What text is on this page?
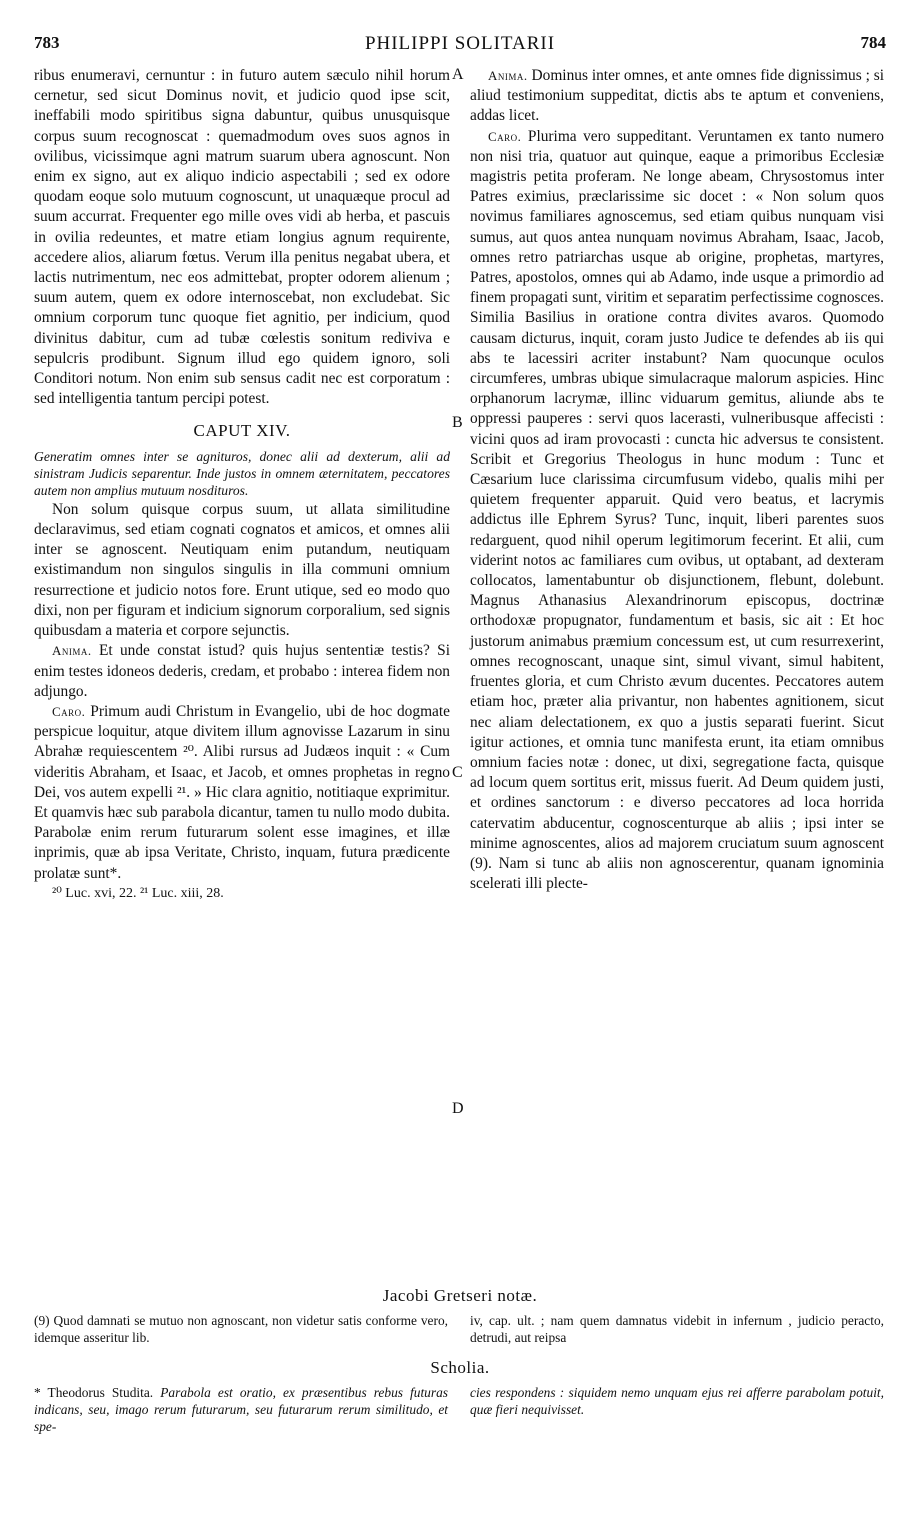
783	PHILIPPI SOLITARII	784
A
B
C
D

ribus enumeravi, cernuntur : in futuro autem sæculo nihil horum cernetur, sed sicut Dominus novit, et judicio quod ipse scit, ineffabili modo spiritibus signa dabuntur, quibus unusquisque corpus suum recognoscat : quemadmodum oves suos agnos in ovilibus, vicissimque agni matrum suarum ubera agnoscunt. Non enim ex signo, aut ex aliquo indicio aspectabili ; sed ex odore quodam eoque solo mutuum cognoscunt, ut unaquæque procul ad suum accurrat. Frequenter ego mille oves vidi ab herba, et pascuis in ovilia redeuntes, et matre etiam longius agnum requirente, accedere alios, aliarum fœtus. Verum illa penitus negabat ubera, et lactis nutrimentum, nec eos admittebat, propter odorem alienum ; suum autem, quem ex odore internoscebat, non excludebat. Sic omnium corporum tunc quoque fiet agnitio, per indicium, quod divinitus dabitur, cum ad tubæ cœlestis sonitum rediviva e sepulcris prodibunt. Signum illud ego quidem ignoro, soli Conditori notum. Non enim sub sensus cadit nec est corporatum : sed intelligentia tantum percipi potest.

CAPUT XIV.

Generatim omnes inter se agnituros, donec alii ad dexterum, alii ad sinistram Judicis separentur. Inde justos in omnem æternitatem, peccatores autem non amplius mutuum nosdituros.

Non solum quisque corpus suum, ut allata similitudine declaravimus, sed etiam cognati cognatos et amicos, et omnes alii inter se agnoscent. Neutiquam enim putandum, neutiquam existimandum non singulos singulis in illa communi omnium resurrectione et judicio notos fore. Erunt utique, sed eo modo quo dixi, non per figuram et indicium signorum corporalium, sed signis quibusdam a materia et corpore sejunctis.

Anima. Et unde constat istud? quis hujus sententiæ testis? Si enim testes idoneos dederis, credam, et probabo : interea fidem non adjungo.

Caro. Primum audi Christum in Evangelio, ubi de hoc dogmate perspicue loquitur, atque divitem illum agnovisse Lazarum in sinu Abrahæ requiescentem ²⁰. Alibi rursus ad Judæos inquit : « Cum videritis Abraham, et Isaac, et Jacob, et omnes prophetas in regno Dei, vos autem expelli ²¹. » Hic clara agnitio, notitiaque exprimitur. Et quamvis hæc sub parabola dicantur, tamen tu nullo modo dubita. Parabolæ enim rerum futurarum solent esse imagines, et illæ inprimis, quæ ab ipsa Veritate, Christo, inquam, futura prædicente prolatæ sunt*.

²⁰ Luc. xvi, 22. ²¹ Luc. xiii, 28.

Anima. Dominus inter omnes, et ante omnes fide dignissimus ; si aliud testimonium suppeditat, dictis abs te aptum et conveniens, addas licet.

Caro. Plurima vero suppeditant. Veruntamen ex tanto numero non nisi tria, quatuor aut quinque, eaque a primoribus Ecclesiæ magistris petita proferam. Ne longe abeam, Chrysostomus inter Patres eximius, præclarissime sic docet : « Non solum quos novimus familiares agnoscemus, sed etiam quibus nunquam visi sumus, aut quos antea nunquam novimus Abraham, Isaac, Jacob, omnes retro patriarchas usque ab origine, prophetas, martyres, Patres, apostolos, omnes qui ab Adamo, inde usque a primordio ad finem propagati sunt, viritim et separatim perfectissime cognosces. Similia Basilius in oratione contra divites avaros. Quomodo causam dicturus, inquit, coram justo Judice te defendes ab iis qui abs te lacessiri acriter instabunt? Nam quocunque oculos circumferes, umbras ubique simulacraque malorum aspicies. Hinc orphanorum lacrymæ, illinc viduarum gemitus, aliunde abs te oppressi pauperes : servi quos lacerasti, vulneribusque affecisti : vicini quos ad iram provocasti : cuncta hic adversus te consistent. Scribit et Gregorius Theologus in hunc modum : Tunc et Cæsarium luce clarissima circumfusum videbo, qualis mihi per quietem frequenter apparuit. Quid vero beatus, et lacrymis addictus ille Ephrem Syrus? Tunc, inquit, liberi parentes suos redarguent, quod nihil operum legitimorum fecerint. Et alii, cum viderint notos ac familiares cum ovibus, ut optabant, ad dexteram collocatos, lamentabuntur ob disjunctionem, flebunt, dolebunt. Magnus Athanasius Alexandrinorum episcopus, doctrinæ orthodoxæ propugnator, fundamentum et basis, sic ait : Et hoc justorum animabus præmium concessum est, ut cum resurrexerint, omnes recognoscant, unaque sint, simul vivant, simul habitent, fruentes gloria, et cum Christo ævum ducentes. Peccatores autem etiam hoc, præter alia privantur, non habentes agnitionem, sicut nec aliam delectationem, ex quo a justis separati fuerint. Sicut igitur actiones, et omnia tunc manifesta erunt, ita etiam omnibus omnium facies notæ : donec, ut dixi, segregatione facta, quisque ad locum quem sortitus erit, missus fuerit. Ad Deum quidem justi, et ordines sanctorum : e diverso peccatores ad loca horrida catervatim abducentur, cognoscenturque ab aliis ; ipsi inter se minime agnoscentes, alios ad majorem cruciatum suum agnoscent (9). Nam si tunc ab aliis non agnoscerentur, quanam ignominia scelerati illi plecte-

Jacobi Gretseri notæ.
(9) Quod damnati se mutuo non agnoscant, non videtur satis conforme vero, idemque asseritur lib.
iv, cap. ult. ; nam quem damnatus videbit in infernum , judicio peracto, detrudi, aut reipsa
Scholia.
* Theodorus Studita. Parabola est oratio, ex præsentibus rebus futuras indicans, seu, imago rerum futurarum, seu futurarum rerum similitudo, et spe-
cies respondens : siquidem nemo unquam ejus rei afferre parabolam potuit, quæ fieri nequivisset.
